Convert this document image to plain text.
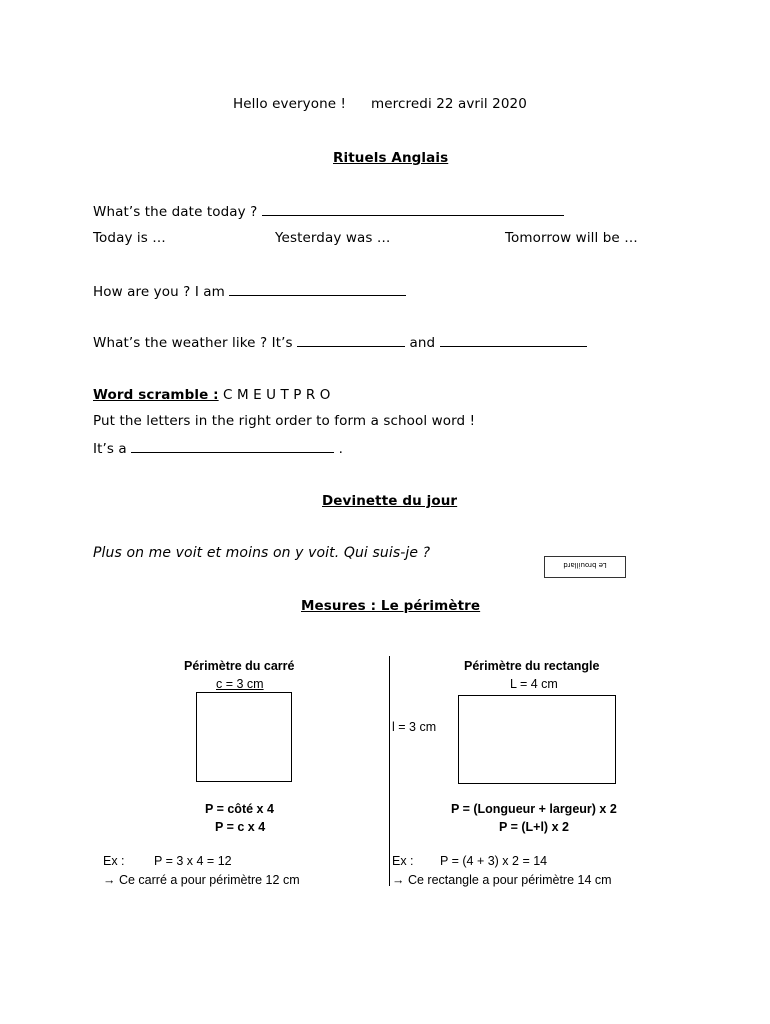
Hello everyone ! mercredi 22 avril 2020
Rituels Anglais
What’s the date today ?
Today is …	Yesterday was …	Tomorrow will be …
How are you ? I am
What’s the weather like ? It’s	and
Word scramble : C M E U T P R O
Put the letters in the right order to form a school word !
It’s a	.
Devinette du jour
Plus on me voit et moins on y voit. Qui suis-je ?
Le brouillard
Mesures : Le périmètre
Périmètre du carré
c = 3 cm
P = côté x 4
P = c x 4
Ex : P = 3 x 4 = 12
→ Ce carré a pour périmètre 12 cm
Périmètre du rectangle
L = 4 cm
l = 3 cm
P = (Longueur + largeur) x 2
P = (L+l) x 2
Ex : P = (4 + 3) x 2 = 14
→ Ce rectangle a pour périmètre 14 cm
